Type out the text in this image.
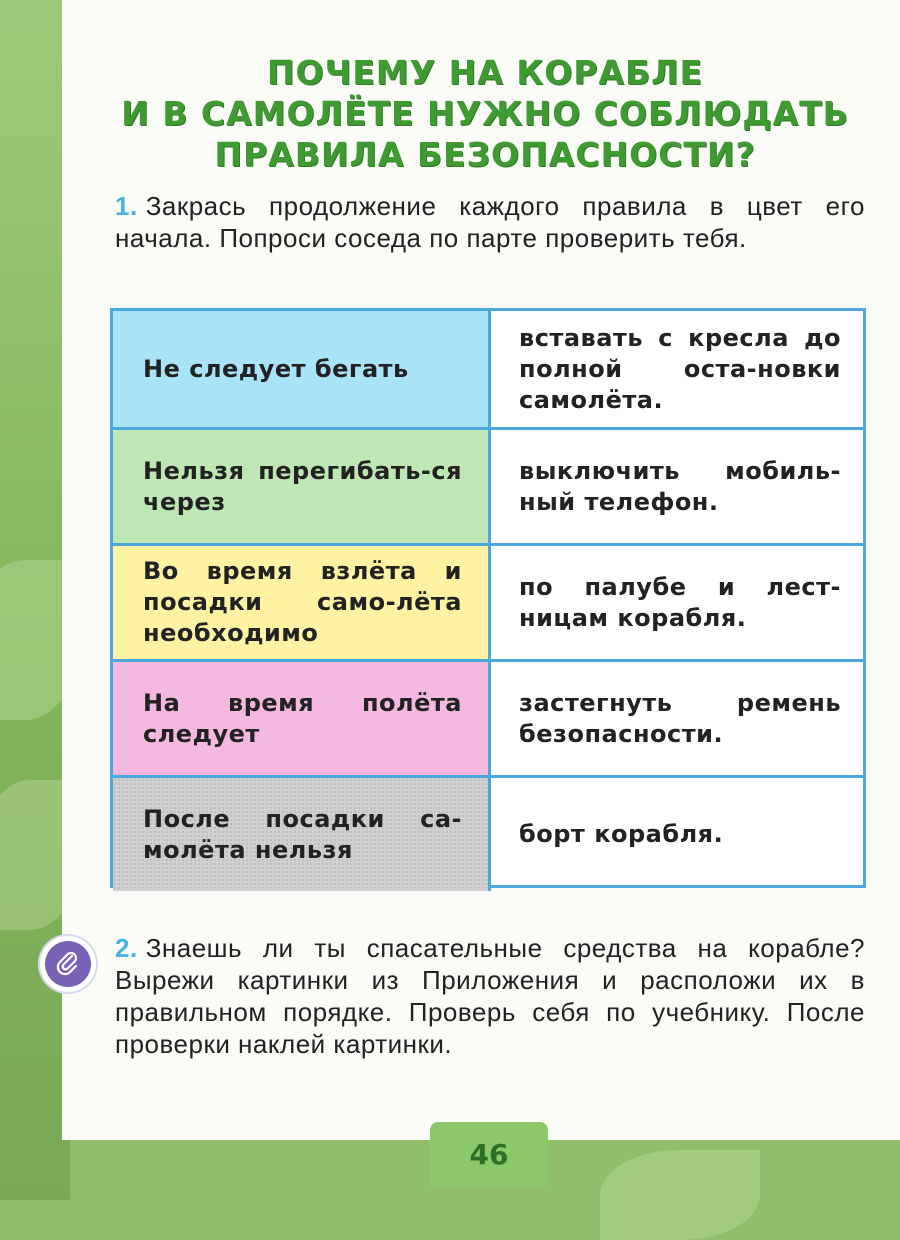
ПОЧЕМУ НА КОРАБЛЕ
И В САМОЛЁТЕ НУЖНО СОБЛЮДАТЬ
ПРАВИЛА БЕЗОПАСНОСТИ?
1. Закрась продолжение каждого правила в цвет его начала. Попроси соседа по парте проверить тебя.
Не следует бегать
вставать с кресла до полной оста-новки самолёта.
Нельзя перегибать-ся через
выключить мобиль-ный телефон.
Во время взлёта и посадки само-лёта необходимо
по палубе и лест-ницам корабля.
На время полёта следует
застегнуть ремень безопасности.
После посадки са-молёта нельзя
борт корабля.
2. Знаешь ли ты спасательные средства на корабле? Вырежи картинки из Приложения и расположи их в правильном порядке. Проверь себя по учебнику. После проверки наклей картинки.
46
